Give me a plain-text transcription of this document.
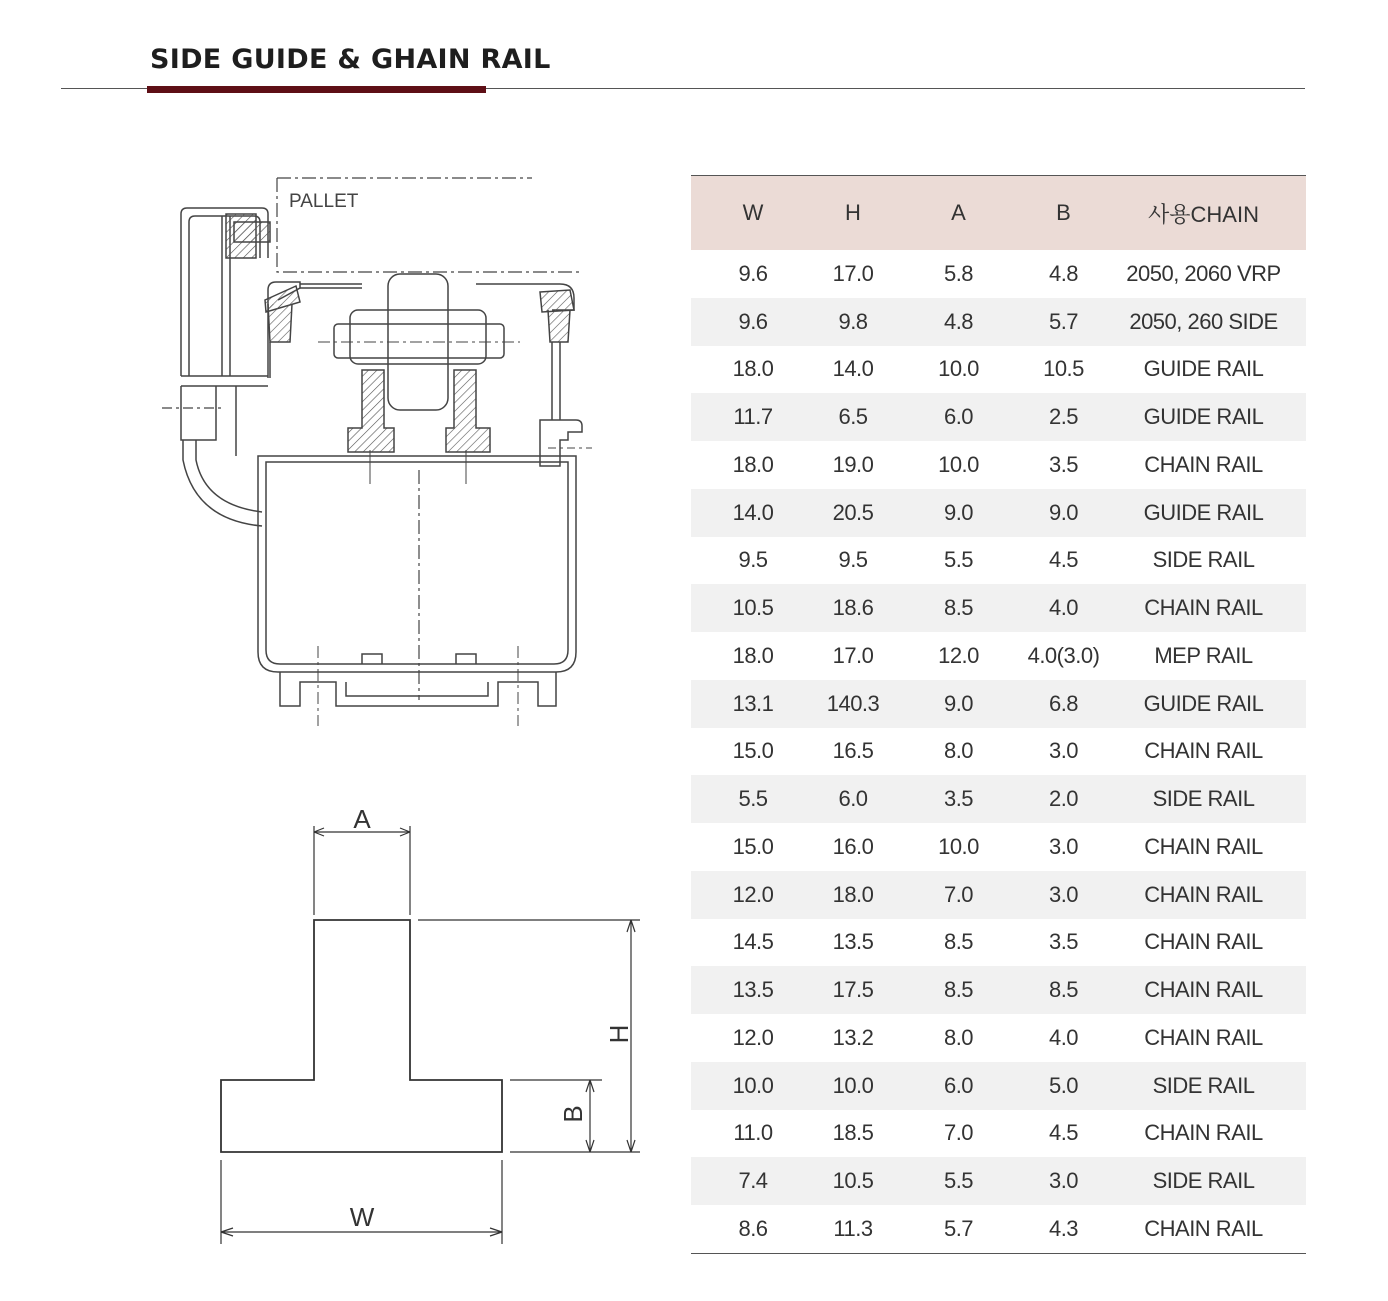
SIDE GUIDE & GHAIN RAIL
PALLET
A
W
H
B
W	H	A	B	사용CHAIN
9.6	17.0	5.8	4.8	2050, 2060 VRP
9.6	9.8	4.8	5.7	2050, 260 SIDE
18.0	14.0	10.0	10.5	GUIDE RAIL
11.7	6.5	6.0	2.5	GUIDE RAIL
18.0	19.0	10.0	3.5	CHAIN RAIL
14.0	20.5	9.0	9.0	GUIDE RAIL
9.5	9.5	5.5	4.5	SIDE RAIL
10.5	18.6	8.5	4.0	CHAIN RAIL
18.0	17.0	12.0	4.0(3.0)	MEP RAIL
13.1	140.3	9.0	6.8	GUIDE RAIL
15.0	16.5	8.0	3.0	CHAIN RAIL
5.5	6.0	3.5	2.0	SIDE RAIL
15.0	16.0	10.0	3.0	CHAIN RAIL
12.0	18.0	7.0	3.0	CHAIN RAIL
14.5	13.5	8.5	3.5	CHAIN RAIL
13.5	17.5	8.5	8.5	CHAIN RAIL
12.0	13.2	8.0	4.0	CHAIN RAIL
10.0	10.0	6.0	5.0	SIDE RAIL
11.0	18.5	7.0	4.5	CHAIN RAIL
7.4	10.5	5.5	3.0	SIDE RAIL
8.6	11.3	5.7	4.3	CHAIN RAIL
